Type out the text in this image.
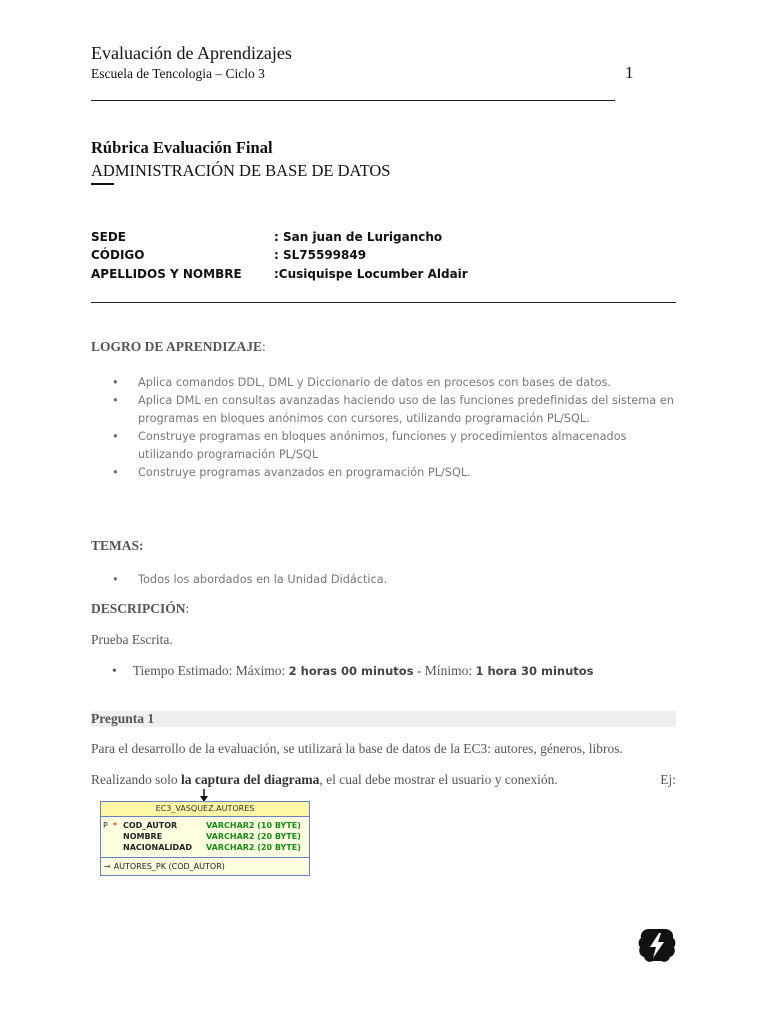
Evaluación de Aprendizajes
Escuela de Tencologia – Ciclo 3	1
Rúbrica Evaluación Final
ADMINISTRACIÓN DE BASE DE DATOS
SEDE	: San juan de Lurigancho
CÓDIGO	: SL75599849
APELLIDOS Y NOMBRE	:Cusiquispe Locumber Aldair
LOGRO DE APRENDIZAJE:
• Aplica comandos DDL, DML y Diccionario de datos en procesos con bases de datos.
• Aplica DML en consultas avanzadas haciendo uso de las funciones predefinidas del sistema en programas en bloques anónimos con cursores, utilizando programación PL/SQL.
• Construye programas en bloques anónimos, funciones y procedimientos almacenados utilizando programación PL/SQL
• Construye programas avanzados en programación PL/SQL.
TEMAS:
• Todos los abordados en la Unidad Didáctica.
DESCRIPCIÓN:
Prueba Escrita.
• Tiempo Estimado: Máximo: 2 horas 00 minutos - Mínimo: 1 hora 30 minutos
Pregunta 1
Para el desarrollo de la evaluación, se utilizará la base de datos de la EC3: autores, géneros, libros.
Realizando solo la captura del diagrama, el cual debe mostrar el usuario y conexión.	Ej:
EC3_VASQUEZ.AUTORES
P * COD_AUTOR	VARCHAR2 (10 BYTE)
NOMBRE	VARCHAR2 (20 BYTE)
NACIONALIDAD VARCHAR2 (20 BYTE)
⊸ AUTORES_PK (COD_AUTOR)
